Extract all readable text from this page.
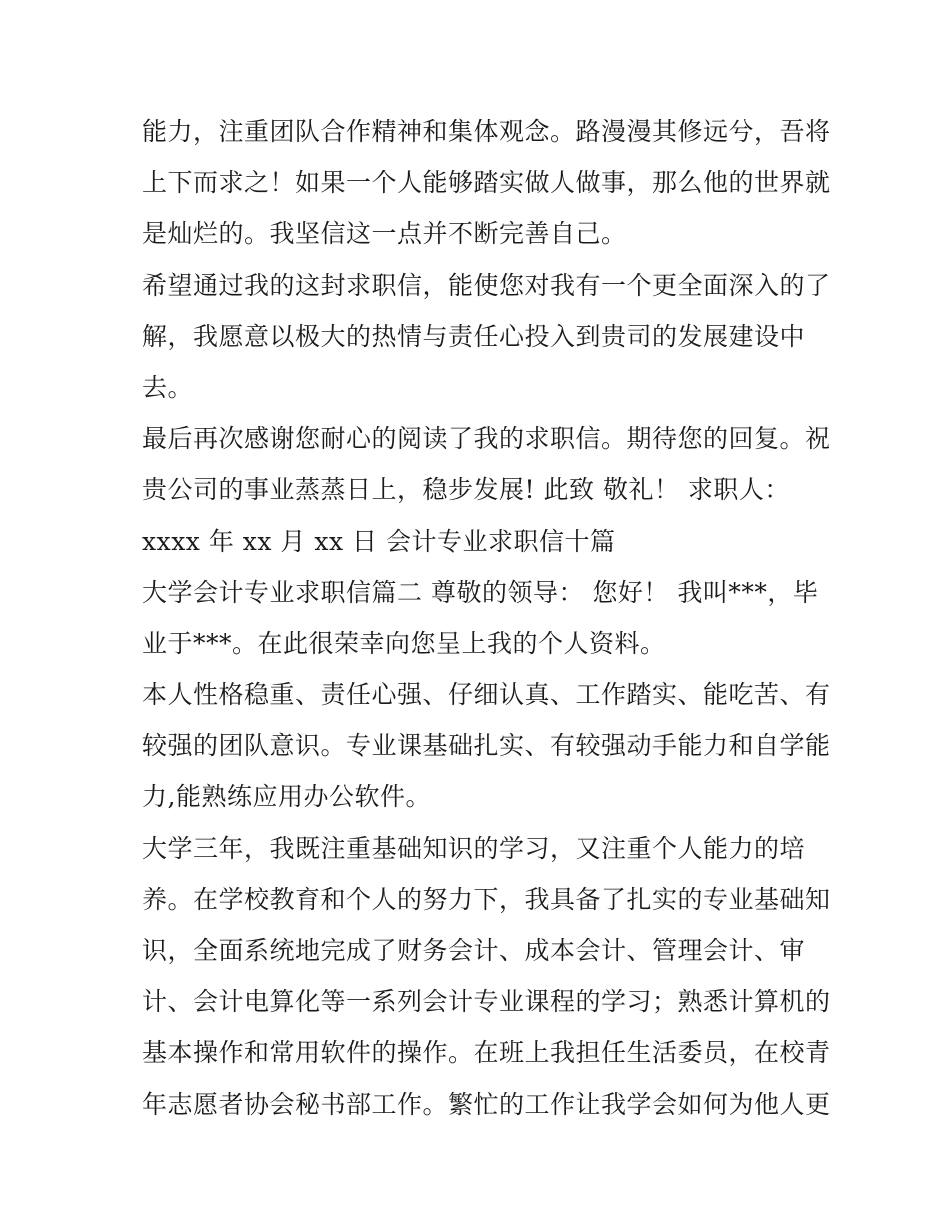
能力，注重团队合作精神和集体观念。路漫漫其修远兮，吾将
上下而求之！如果一个人能够踏实做人做事，那么他的世界就
是灿烂的。我坚信这一点并不断完善自己。
希望通过我的这封求职信，能使您对我有一个更全面深入的了
解，我愿意以极大的热情与责任心投入到贵司的发展建设中
去。
最后再次感谢您耐心的阅读了我的求职信。期待您的回复。祝
贵公司的事业蒸蒸日上，稳步发展! 此致 敬礼！ 求职人：
xxxx 年 xx 月 xx 日 会计专业求职信十篇
大学会计专业求职信篇二 尊敬的领导： 您好！ 我叫***，毕
业于***。在此很荣幸向您呈上我的个人资料。
本人性格稳重、责任心强、仔细认真、工作踏实、能吃苦、有
较强的团队意识。专业课基础扎实、有较强动手能力和自学能
力,能熟练应用办公软件。
大学三年，我既注重基础知识的学习，又注重个人能力的培
养。在学校教育和个人的努力下，我具备了扎实的专业基础知
识，全面系统地完成了财务会计、成本会计、管理会计、审
计、会计电算化等一系列会计专业课程的学习；熟悉计算机的
基本操作和常用软件的操作。在班上我担任生活委员，在校青
年志愿者协会秘书部工作。繁忙的工作让我学会如何为他人更
